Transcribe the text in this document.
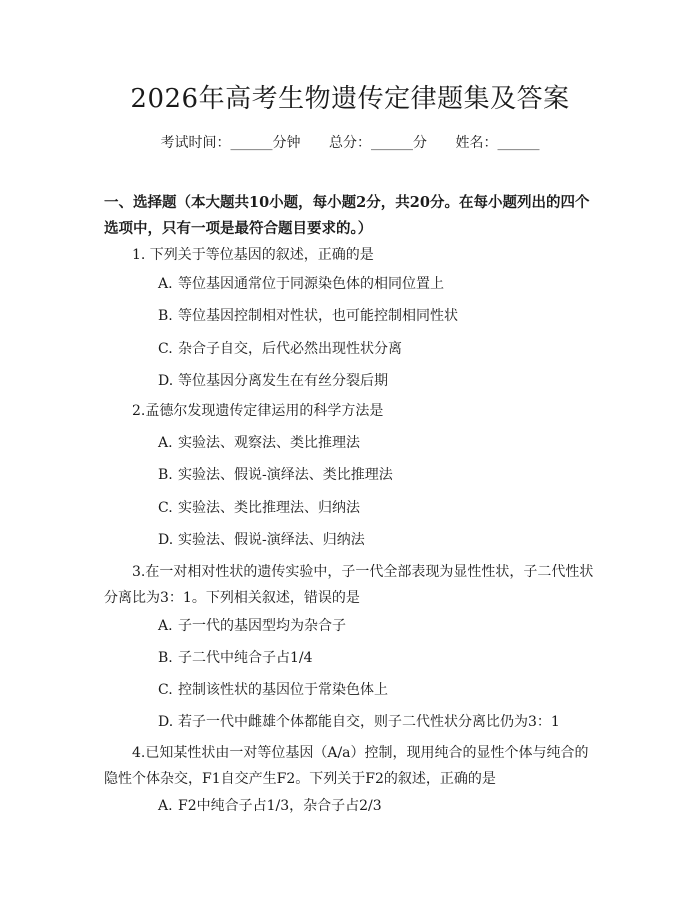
2026年高考生物遗传定律题集及答案
考试时间：______分钟 总分：______分 姓名：______
一、选择题（本大题共10小题，每小题2分，共20分。在每小题列出的四个选项中，只有一项是最符合题目要求的。）
1. 下列关于等位基因的叙述，正确的是
A. 等位基因通常位于同源染色体的相同位置上
B. 等位基因控制相对性状，也可能控制相同性状
C. 杂合子自交，后代必然出现性状分离
D. 等位基因分离发生在有丝分裂后期
2.孟德尔发现遗传定律运用的科学方法是
A. 实验法、观察法、类比推理法
B. 实验法、假说-演绎法、类比推理法
C. 实验法、类比推理法、归纳法
D. 实验法、假说-演绎法、归纳法
3.在一对相对性状的遗传实验中，子一代全部表现为显性性状，子二代性状分离比为3：1。下列相关叙述，错误的是
A. 子一代的基因型均为杂合子
B. 子二代中纯合子占1/4
C. 控制该性状的基因位于常染色体上
D. 若子一代中雌雄个体都能自交，则子二代性状分离比仍为3：1
4.已知某性状由一对等位基因（A/a）控制，现用纯合的显性个体与纯合的隐性个体杂交，F1自交产生F2。下列关于F2的叙述，正确的是
A. F2中纯合子占1/3，杂合子占2/3
